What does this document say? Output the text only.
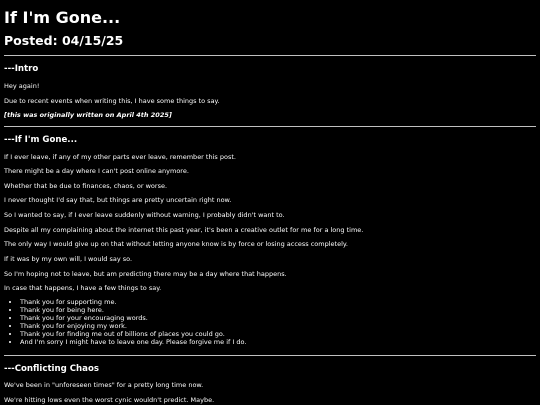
If I'm Gone...
Posted: 04/15/25
---Intro
Hey again!
Due to recent events when writing this, I have some things to say.
[this was originally written on April 4th 2025]
---If I'm Gone...
If I ever leave, if any of my other parts ever leave, remember this post.
There might be a day where I can't post online anymore.
Whether that be due to finances, chaos, or worse.
I never thought I'd say that, but things are pretty uncertain right now.
So I wanted to say, if I ever leave suddenly without warning, I probably didn't want to.
Despite all my complaining about the internet this past year, it's been a creative outlet for me for a long time.
The only way I would give up on that without letting anyone know is by force or losing access completely.
If it was by my own will, I would say so.
So I'm hoping not to leave, but am predicting there may be a day where that happens.
In case that happens, I have a few things to say.
• Thank you for supporting me.
• Thank you for being here.
• Thank you for your encouraging words.
• Thank you for enjoying my work.
• Thank you for finding me out of billions of places you could go.
• And I'm sorry I might have to leave one day. Please forgive me if I do.
---Conflicting Chaos
We've been in "unforeseen times" for a pretty long time now.
We're hitting lows even the worst cynic wouldn't predict. Maybe.
